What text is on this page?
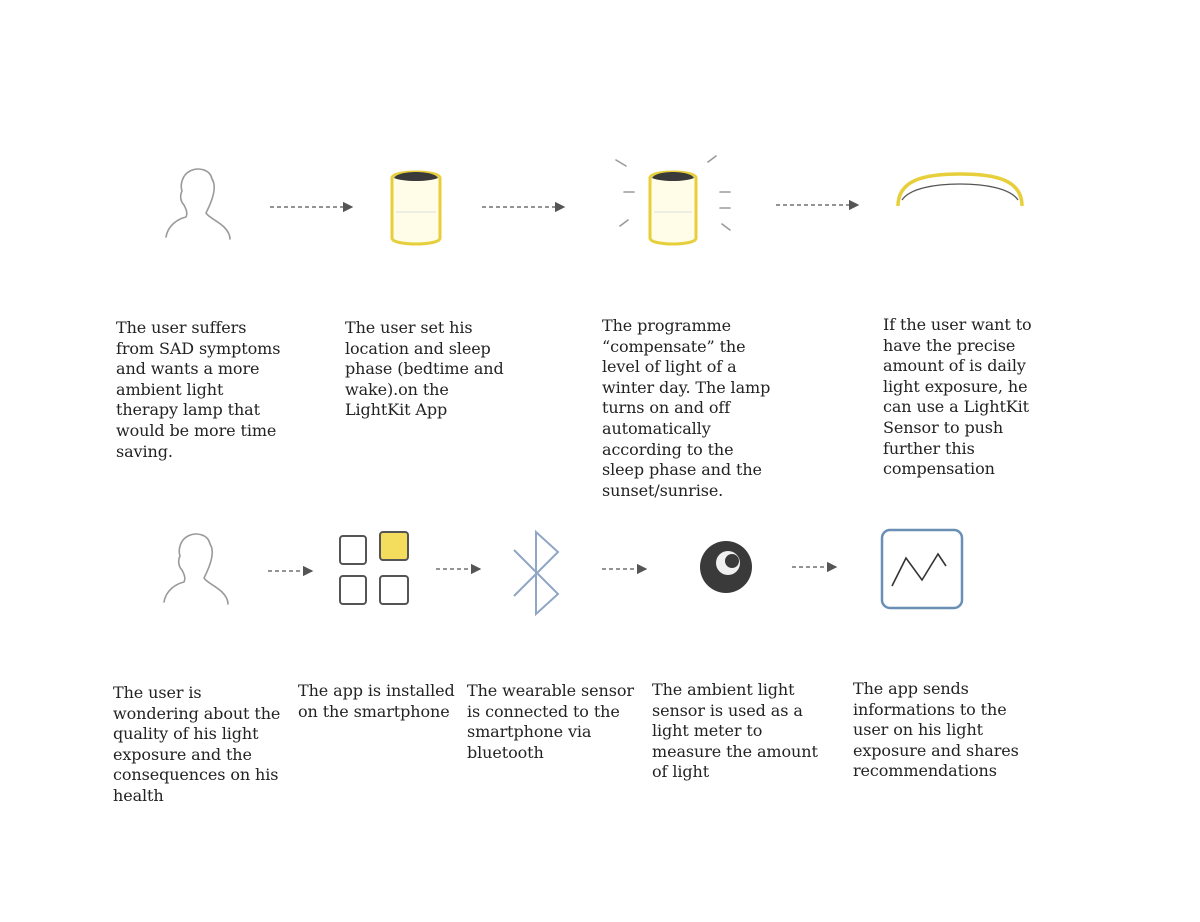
The user suffers
from SAD symptoms
and wants a more
ambient light
therapy lamp that
would be more time
saving.
The user set his
location and sleep
phase (bedtime and
wake).on the
LightKit App
The programme
“compensate” the
level of light of a
winter day. The lamp
turns on and off
automatically
according to the
sleep phase and the
sunset/sunrise.
If the user want to
have the precise
amount of is daily
light exposure, he
can use a LightKit
Sensor to push
further this
compensation
The user is
wondering about the
quality of his light
exposure and the
consequences on his
health
The app is installed
on the smartphone
The wearable sensor
is connected to the
smartphone via
bluetooth
The ambient light
sensor is used as a
light meter to
measure the amount
of light
The app sends
informations to the
user on his light
exposure and shares
recommendations
